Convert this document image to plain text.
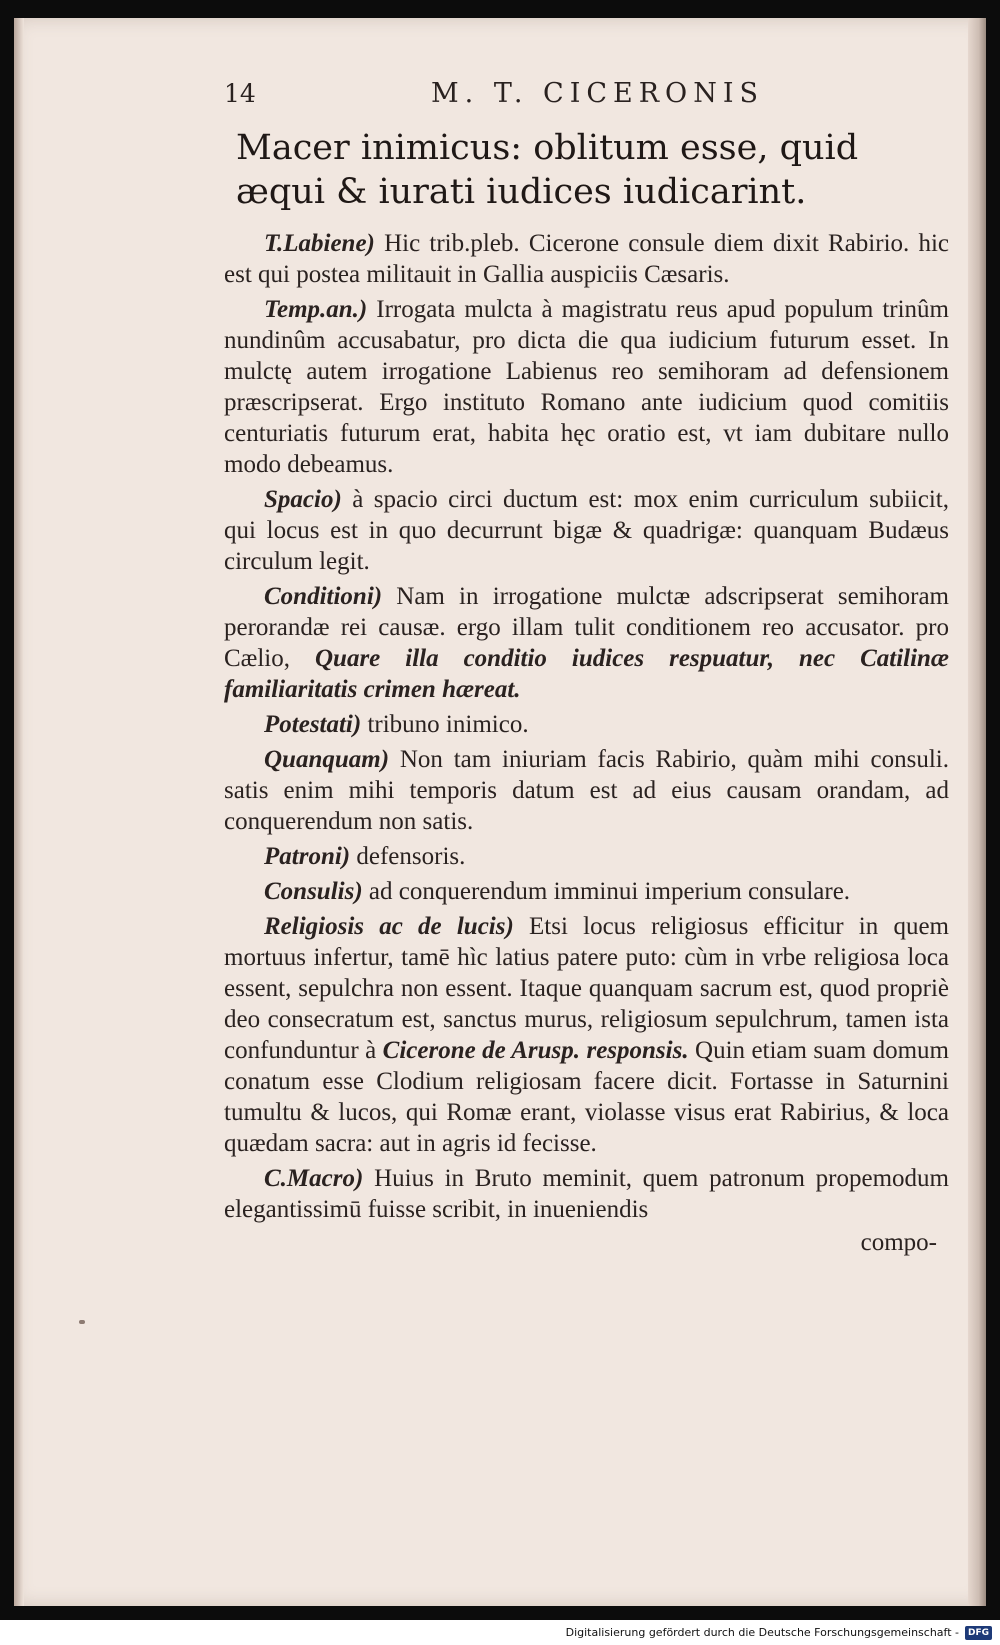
14	M. T. CICERONIS
Macer inimicus: oblitum esse, quid æqui & iurati iudices iudicarint.

T.Labiene) Hic trib.pleb. Cicerone consule diem dixit Rabirio. hic est qui postea militauit in Gallia auspiciis Cæsaris.

Temp.an.) Irrogata mulcta à magistratu reus apud populum trinûm nundinûm accusabatur, pro dicta die qua iudicium futurum esset. In mulctę autem irrogatione Labienus reo semihoram ad defensionem præscripserat. Ergo instituto Romano ante iudicium quod comitiis centuriatis futurum erat, habita hęc oratio est, vt iam dubitare nullo modo debeamus.

Spacio) à spacio circi ductum est: mox enim curriculum subiicit, qui locus est in quo decurrunt bigæ & quadrigæ: quanquam Budæus circulum legit.

Conditioni) Nam in irrogatione mulctæ adscripserat semihoram perorandæ rei causæ. ergo illam tulit conditionem reo accusator. pro Cælio, Quare illa conditio iudices respuatur, nec Catilinæ familiaritatis crimen hæreat.

Potestati) tribuno inimico.

Quanquam) Non tam iniuriam facis Rabirio, quàm mihi consuli. satis enim mihi temporis datum est ad eius causam orandam, ad conquerendum non satis.

Patroni) defensoris.

Consulis) ad conquerendum imminui imperium consulare.

Religiosis ac de lucis) Etsi locus religiosus efficitur in quem mortuus infertur, tamē hìc latius patere puto: cùm in vrbe religiosa loca essent, sepulchra non essent. Itaque quanquam sacrum est, quod propriè deo consecratum est, sanctus murus, religiosum sepulchrum, tamen ista confunduntur à Cicerone de Arusp. responsis. Quin etiam suam domum conatum esse Clodium religiosam facere dicit. Fortasse in Saturnini tumultu & lucos, qui Romæ erant, violasse visus erat Rabirius, & loca quædam sacra: aut in agris id fecisse.

C.Macro) Huius in Bruto meminit, quem patronum propemodum elegantissimū fuisse scribit, in inueniendis

compo-
Digitalisierung gefördert durch die Deutsche Forschungsgemeinschaft -	DFG
